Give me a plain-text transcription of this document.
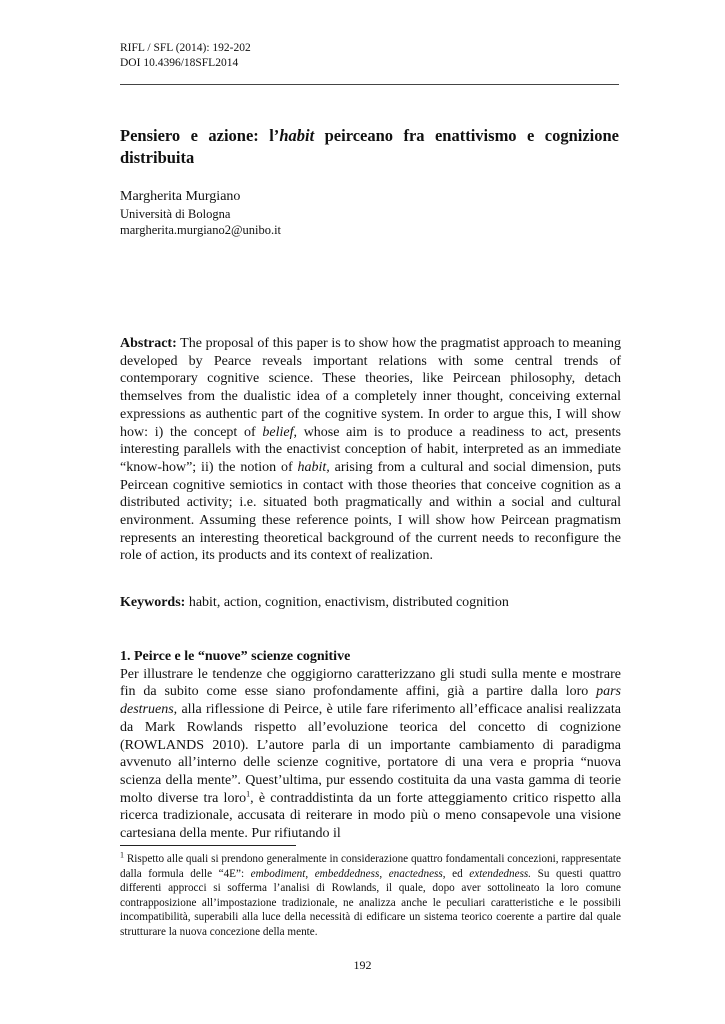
RIFL / SFL (2014): 192-202
DOI 10.4396/18SFL2014
Pensiero e azione: l’habit peirceano fra enattivismo e cognizione distribuita
Margherita Murgiano
Università di Bologna
margherita.murgiano2@unibo.it

Abstract: The proposal of this paper is to show how the pragmatist approach to meaning developed by Pearce reveals important relations with some central trends of contemporary cognitive science. These theories, like Peircean philosophy, detach themselves from the dualistic idea of a completely inner thought, conceiving external expressions as authentic part of the cognitive system. In order to argue this, I will show how: i) the concept of belief, whose aim is to produce a readiness to act, presents interesting parallels with the enactivist conception of habit, interpreted as an immediate “know-how”; ii) the notion of habit, arising from a cultural and social dimension, puts Peircean cognitive semiotics in contact with those theories that conceive cognition as a distributed activity; i.e. situated both pragmatically and within a social and cultural environment. Assuming these reference points, I will show how Peircean pragmatism represents an interesting theoretical background of the current needs to reconfigure the role of action, its products and its context of realization.

Keywords: habit, action, cognition, enactivism, distributed cognition

1. Peirce e le “nuove” scienze cognitive

Per illustrare le tendenze che oggigiorno caratterizzano gli studi sulla mente e mostrare fin da subito come esse siano profondamente affini, già a partire dalla loro pars destruens, alla riflessione di Peirce, è utile fare riferimento all’efficace analisi realizzata da Mark Rowlands rispetto all’evoluzione teorica del concetto di cognizione (ROWLANDS 2010). L’autore parla di un importante cambiamento di paradigma avvenuto all’interno delle scienze cognitive, portatore di una vera e propria “nuova scienza della mente”. Quest’ultima, pur essendo costituita da una vasta gamma di teorie molto diverse tra loro$^1$, è contraddistinta da un forte atteggiamento critico rispetto alla ricerca tradizionale, accusata di reiterare in modo più o meno consapevole una visione cartesiana della mente. Pur rifiutando il

$^1$ Rispetto alle quali si prendono generalmente in considerazione quattro fondamentali concezioni, rappresentate dalla formula delle “4E”: embodiment, embeddedness, enactedness, ed extendedness. Su questi quattro differenti approcci si sofferma l’analisi di Rowlands, il quale, dopo aver sottolineato la loro comune contrapposizione all’impostazione tradizionale, ne analizza anche le peculiari caratteristiche e le possibili incompatibilità, superabili alla luce della necessità di edificare un sistema teorico coerente a partire dal quale strutturare la nuova concezione della mente.

192
